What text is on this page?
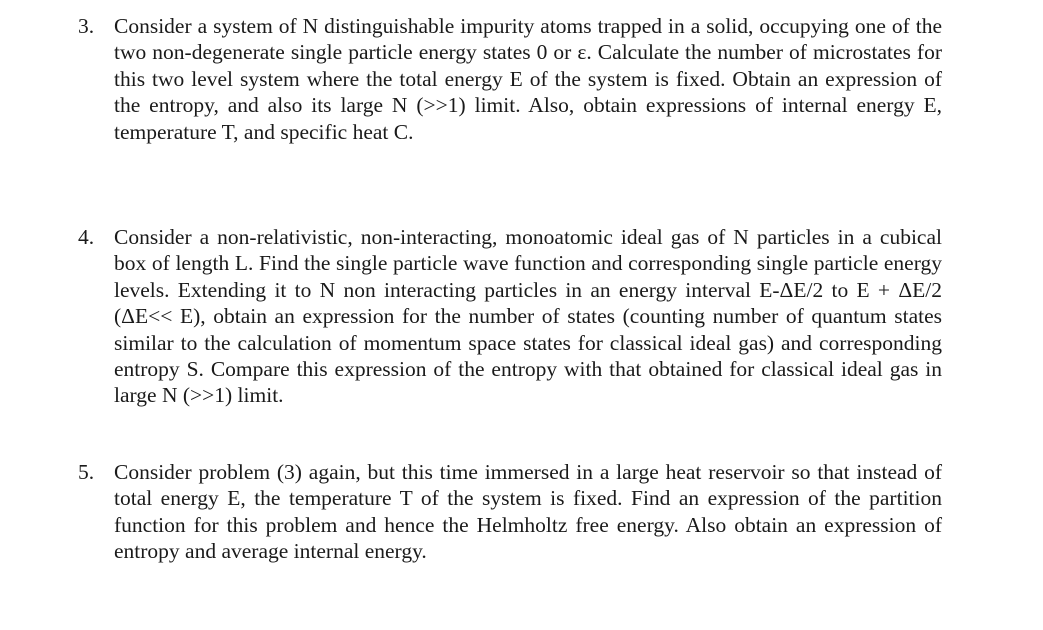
3. Consider a system of N distinguishable impurity atoms trapped in a solid, occupying one of the two non-degenerate single particle energy states 0 or ε. Calculate the number of microstates for this two level system where the total energy E of the system is fixed. Obtain an expression of the entropy, and also its large N (>>1) limit. Also, obtain expressions of internal energy E, temperature T, and specific heat C.
4. Consider a non-relativistic, non-interacting, monoatomic ideal gas of N particles in a cubical box of length L. Find the single particle wave function and corresponding single particle energy levels. Extending it to N non interacting particles in an energy interval E-ΔE/2 to E + ΔE/2 (ΔE<< E), obtain an expression for the number of states (counting number of quantum states similar to the calculation of momentum space states for classical ideal gas) and corresponding entropy S. Compare this expression of the entropy with that obtained for classical ideal gas in large N (>>1) limit.
5. Consider problem (3) again, but this time immersed in a large heat reservoir so that instead of total energy E, the temperature T of the system is fixed. Find an expression of the partition function for this problem and hence the Helmholtz free energy. Also obtain an expression of entropy and average internal energy.
